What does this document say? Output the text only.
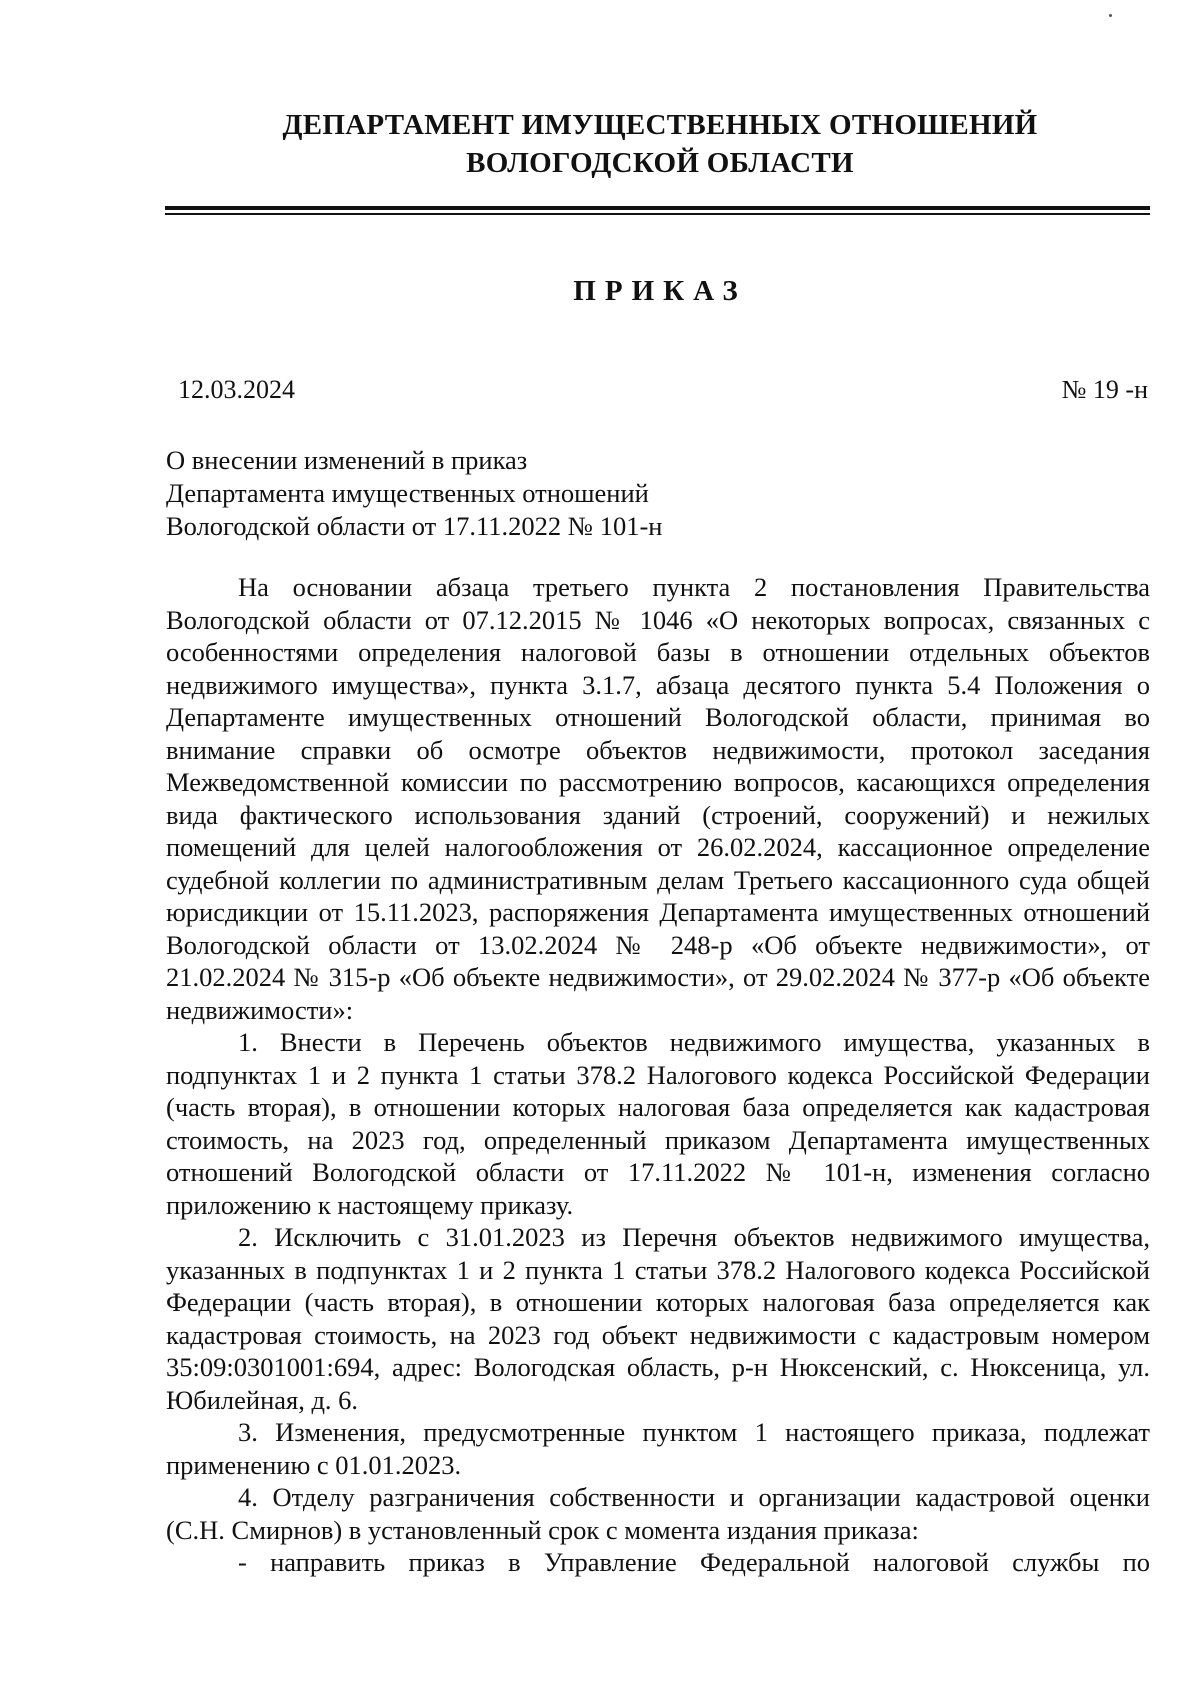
ДЕПАРТАМЕНТ ИМУЩЕСТВЕННЫХ ОТНОШЕНИЙ
ВОЛОГОДСКОЙ ОБЛАСТИ
ПРИКАЗ
12.03.2024	№ 19 -н
О внесении изменений в приказ
Департамента имущественных отношений
Вологодской области от 17.11.2022 № 101-н

На основании абзаца третьего пункта 2 постановления Правительства Вологодской области от 07.12.2015 № 1046 «О некоторых вопросах, связанных с особенностями определения налоговой базы в отношении отдельных объектов недвижимого имущества», пункта 3.1.7, абзаца десятого пункта 5.4 Положения о Департаменте имущественных отношений Вологодской области, принимая во внимание справки об осмотре объектов недвижимости, протокол заседания Межведомственной комиссии по рассмотрению вопросов, касающихся определения вида фактического использования зданий (строений, сооружений) и нежилых помещений для целей налогообложения от 26.02.2024, кассационное определение судебной коллегии по административным делам Третьего кассационного суда общей юрисдикции от 15.11.2023, распоряжения Департамента имущественных отношений Вологодской области от 13.02.2024 № 248-р «Об объекте недвижимости», от 21.02.2024 № 315-р «Об объекте недвижимости», от 29.02.2024 № 377-р «Об объекте недвижимости»:

1. Внести в Перечень объектов недвижимого имущества, указанных в подпунктах 1 и 2 пункта 1 статьи 378.2 Налогового кодекса Российской Федерации (часть вторая), в отношении которых налоговая база определяется как кадастровая стоимость, на 2023 год, определенный приказом Департамента имущественных отношений Вологодской области от 17.11.2022 № 101-н, изменения согласно приложению к настоящему приказу.

2. Исключить с 31.01.2023 из Перечня объектов недвижимого имущества, указанных в подпунктах 1 и 2 пункта 1 статьи 378.2 Налогового кодекса Российской Федерации (часть вторая), в отношении которых налоговая база определяется как кадастровая стоимость, на 2023 год объект недвижимости с кадастровым номером 35:09:0301001:694, адрес: Вологодская область, р-н Нюксенский, с. Нюксеница, ул. Юбилейная, д. 6.

3. Изменения, предусмотренные пунктом 1 настоящего приказа, подлежат применению с 01.01.2023.

4. Отделу разграничения собственности и организации кадастровой оценки (С.Н. Смирнов) в установленный срок с момента издания приказа:

- направить приказ в Управление Федеральной налоговой службы по
